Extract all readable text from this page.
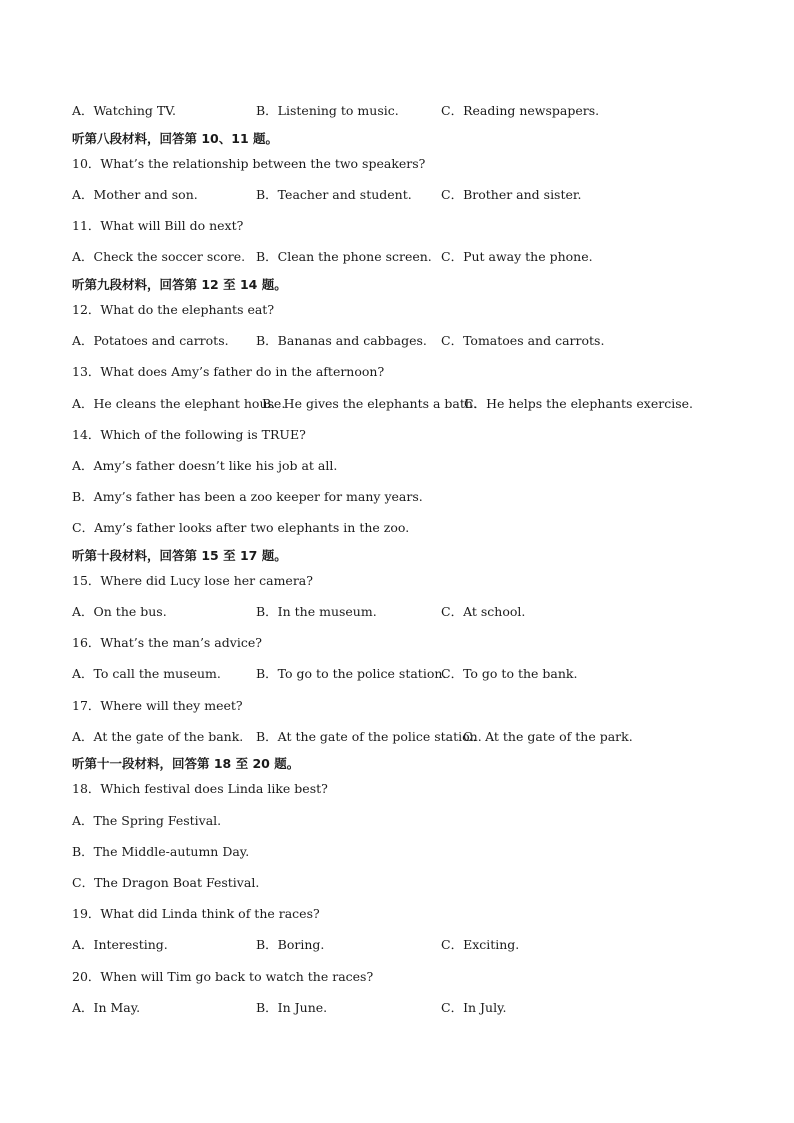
A．Watching TV.	B．Listening to music.	C．Reading newspapers.
听第八段材料，回答第 10、11 题。
10．What’s the relationship between the two speakers?
A．Mother and son.	B．Teacher and student. C．Brother and sister.
11．What will Bill do next?
A．Check the soccer score. B．Clean the phone screen. C．Put away the phone.
听第九段材料，回答第 12 至 14 题。
12．What do the elephants eat?
A．Potatoes and carrots. B．Bananas and cabbages. C．Tomatoes and carrots.
13．What does Amy’s father do in the afternoon?
A．He cleans the elephant house.
B．He gives the elephants a bath.
C．He helps the elephants exercise.
14．Which of the following is TRUE?
A．Amy’s father doesn’t like his job at all.
B．Amy’s father has been a zoo keeper for many years.
C．Amy’s father looks after two elephants in the zoo.
听第十段材料，回答第 15 至 17 题。
15．Where did Lucy lose her camera?
A．On the bus.	B．In the museum.	C．At school.
16．What’s the man’s advice?
A．To call the museum.	B．To go to the police station.
C．To go to the bank.
17．Where will they meet?
A．At the gate of the bank. B．At the gate of the police station.
C．At the gate of the park.
听第十一段材料，回答第 18 至 20 题。
18．Which festival does Linda like best?
A．The Spring Festival.
B．The Middle-autumn Day.
C．The Dragon Boat Festival.
19．What did Linda think of the races?
A．Interesting.	B．Boring.	C．Exciting.
20．When will Tim go back to watch the races?
A．In May.	B．In June.	C．In July.
